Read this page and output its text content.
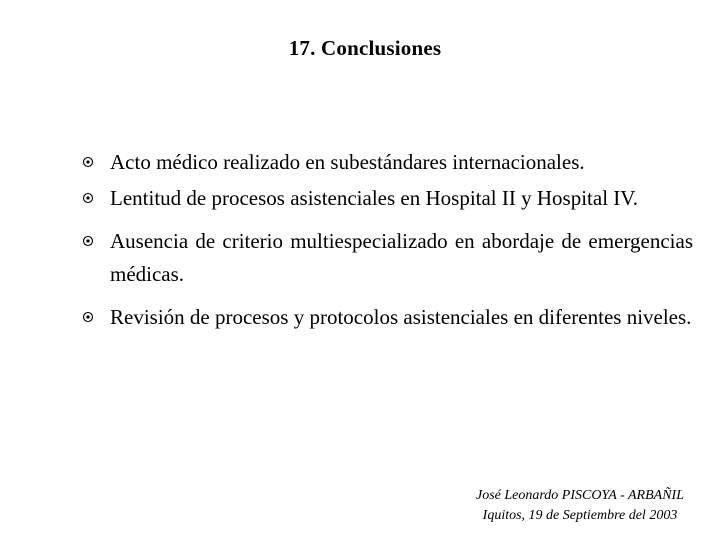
17. Conclusiones
Acto médico realizado en subestándares internacionales.
Lentitud de procesos asistenciales en Hospital II y Hospital IV.
Ausencia de criterio multiespecializado en abordaje de emergencias médicas.
Revisión de procesos y protocolos asistenciales en diferentes niveles.
José Leonardo PISCOYA - ARBAÑIL
Iquitos, 19 de Septiembre del 2003
